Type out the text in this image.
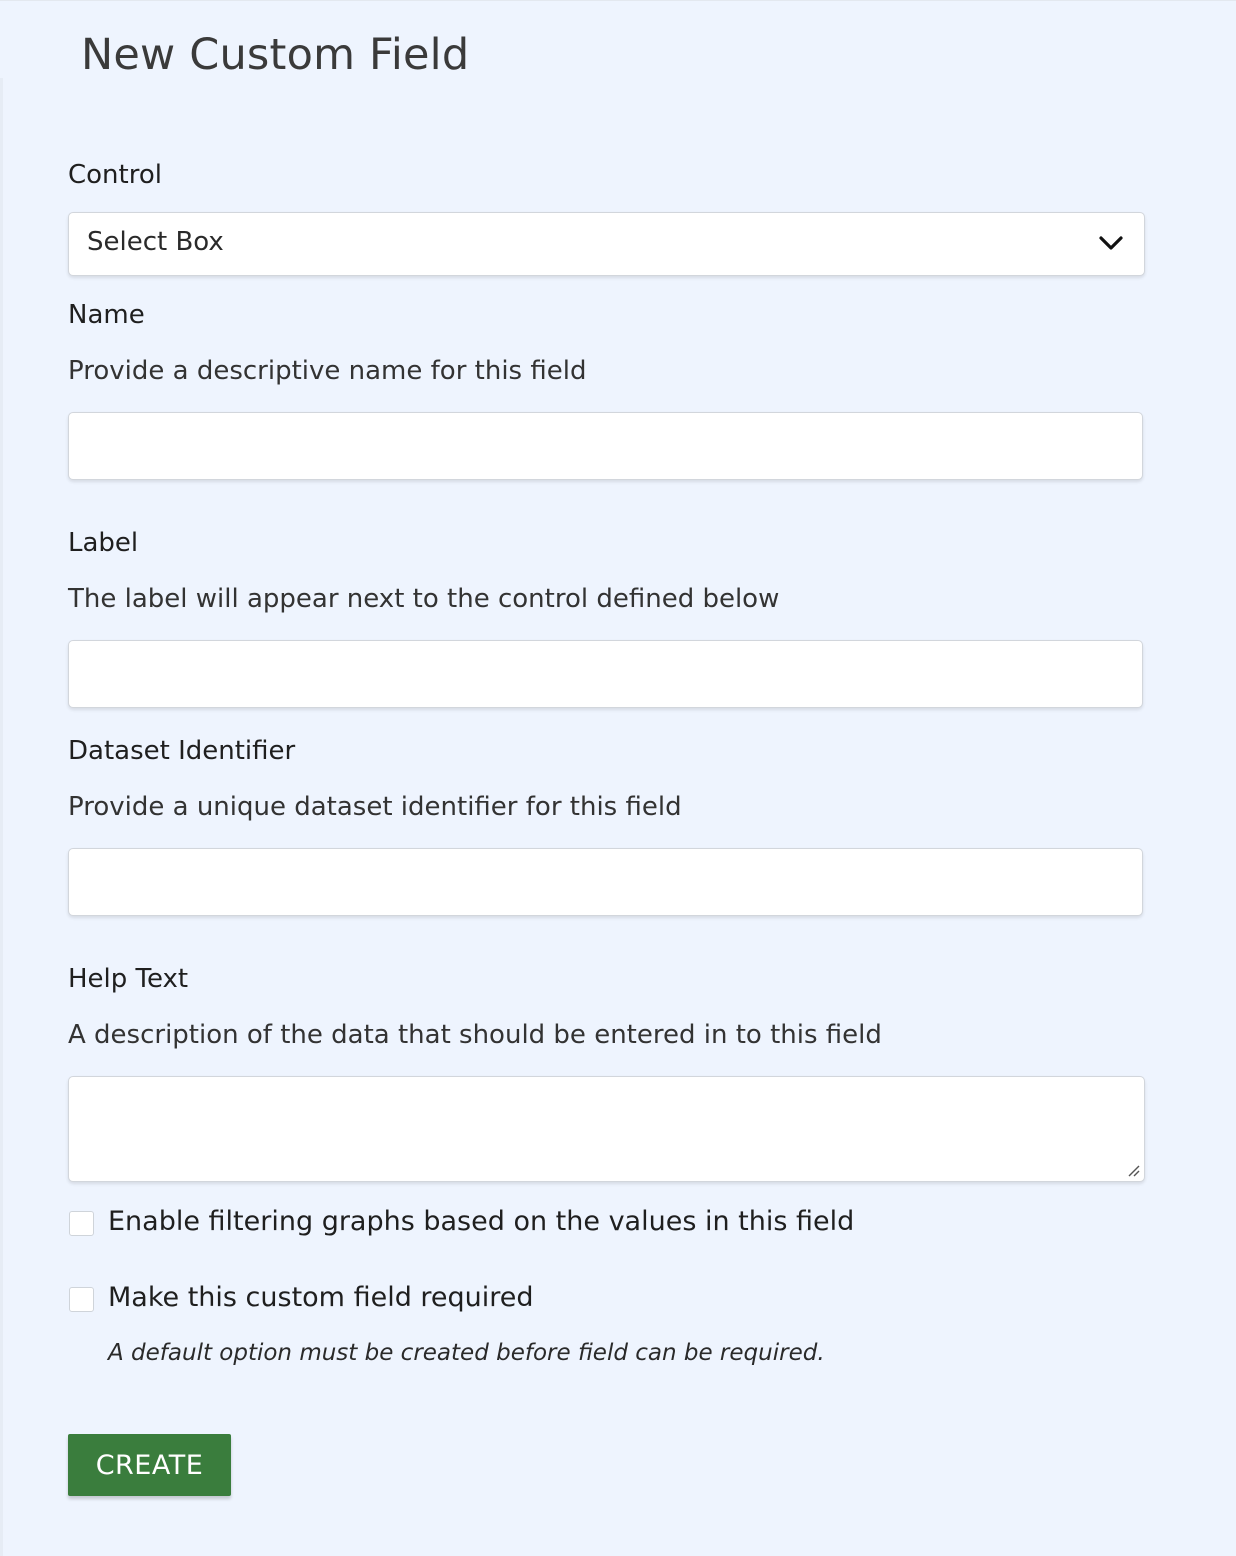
New Custom Field
Control
Select Box
Name
Provide a descriptive name for this field
Label
The label will appear next to the control defined below
Dataset Identifier
Provide a unique dataset identifier for this field
Help Text
A description of the data that should be entered in to this field
Enable filtering graphs based on the values in this field
Make this custom field required
A default option must be created before field can be required.
CREATE
